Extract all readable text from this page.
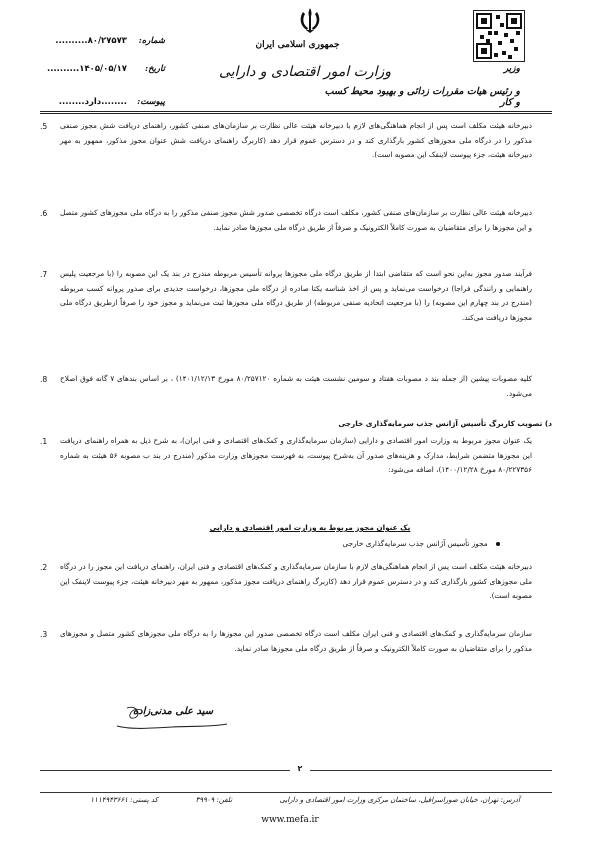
جمهوری اسلامی ایران
وزارت امور اقتصادی و دارایی	وزیر
و رئیس هیات مقررات زدائی و بهبود محیط کسب و کار
شماره:
۸۰/۲۷۵۷۳..........
تاریخ:
۱۴۰۵/۰۵/۱۷..........
پیوست:
........دارد........
.5	دبیرخانه هیئت مکلف است پس از انجام هماهنگی‌های لازم با دبیرخانه هیئت عالی نظارت بر سازمان‌های صنفی کشور، راهنمای دریافت شش مجوز صنفی مذکور را در درگاه ملی مجوزهای کشور بارگذاری کند و در دسترس عموم قرار دهد (کاربرگ راهنمای دریافت شش عنوان مجوز مذکور، ممهور به مهر دبیرخانه هیئت، جزء پیوست لاینفک این مصوبه است).
.6	دبیرخانه هیئت عالی نظارت بر سازمان‌های صنفی کشور، مکلف است درگاه تخصصی صدور شش مجوز صنفی مذکور را به درگاه ملی مجوزهای کشور متصل و این مجوزها را برای متقاضیان به صورت کاملاً الکترونیک و صرفاً از طریق درگاه ملی مجوزها صادر نماید.
.7	فرآیند صدور مجوز به‌این نحو است که متقاضی ابتدا از طریق درگاه ملی مجوزها پروانه تأسیس مربوطه مندرج در بند یک این مصوبه را (با مرجعیت پلیس راهنمایی و رانندگی فراجا) درخواست می‌نماید و پس از اخذ شناسه یکتا صادره از درگاه ملی مجوزها، درخواست جدیدی برای صدور پروانه کسب مربوطه (مندرج در بند چهارم این مصوبه) را (با مرجعیت اتحادیه صنفی مربوطه) از طریق درگاه ملی مجوزها ثبت می‌نماید و مجوز خود را صرفاً ازطریق درگاه ملی مجوزها دریافت می‌کند.
.8	کلیه مصوبات پیشین (از جمله بند د مصوبات هفتاد و سومین نشست هیئت به شماره ۸۰/۲۵۷۱۲۰ مورخ ۱۴۰۱/۱۲/۱۳) ، بر اساس بندهای ۷ گانه فوق اصلاح می‌شود.
د) تصویب کاربرگ تأسیس آژانس جذب سرمایه‌گذاری خارجی
.1	یک عنوان مجوز مربوط به وزارت امور اقتصادی و دارایی (سازمان سرمایه‌گذاری و کمک‌های اقتصادی و فنی ایران)، به شرح ذیل به همراه راهنمای دریافت این مجوزها متضمن شرایط، مدارک و هزینه‌های صدور آن به‌شرح پیوست، به فهرست مجوزهای وزارت مذکور (مندرج در بند ب مصوبه ۵۶ هیئت به شماره ۸۰/۲۲۷۳۵۶ مورخ ۱۴۰۰/۱۲/۲۸)، اضافه می‌شود:
یک عنوان مجوز مربوط به وزارت امور اقتصادی و دارایی
مجوز تأسیس آژانس جذب سرمایه‌گذاری خارجی
.2	دبیرخانه هیئت مکلف است پس از انجام هماهنگی‌های لازم با سازمان سرمایه‌گذاری و کمک‌های اقتصادی و فنی ایران، راهنمای دریافت این مجوز را در درگاه ملی مجوزهای کشور بارگذاری کند و در دسترس عموم قرار دهد (کاربرگ راهنمای دریافت مجوز مذکور، ممهور به مهر دبیرخانه هیئت، جزء پیوست لاینفک این مصوبه است).
.3	سازمان سرمایه‌گذاری و کمک‌های اقتصادی و فنی ایران مکلف است درگاه تخصصی صدور این مجوزها را به درگاه ملی مجوزهای کشور متصل و مجوزهای مذکور را برای متقاضیان به صورت کاملاً الکترونیک و صرفاً از طریق درگاه ملی مجوزها صادر نماید.
سید علی مدنی‌زاده
۲
آدرس: تهران، خیابان صوراسرافیل، ساختمان مرکزی وزارت امور اقتصادی و دارایی
تلفن: ۳۹۹۰۹
کد پستی: ۱۱۱۴۹۴۳۶۶۱
www.mefa.ir
